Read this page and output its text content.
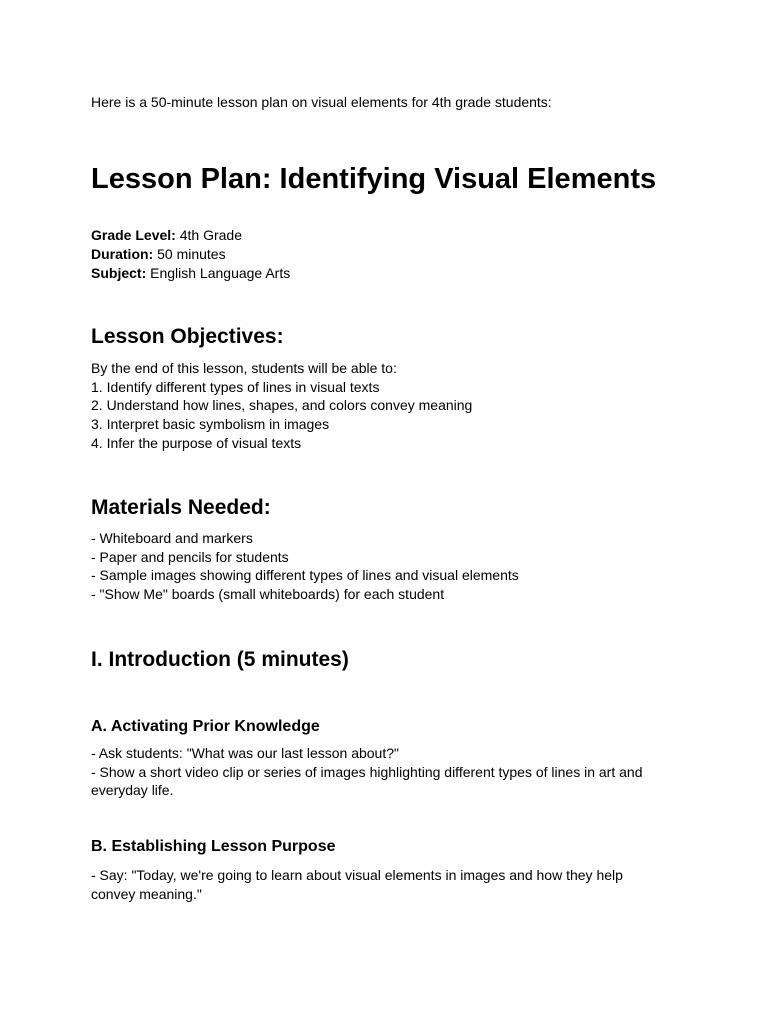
Here is a 50-minute lesson plan on visual elements for 4th grade students:

Lesson Plan: Identifying Visual Elements
Grade Level: 4th Grade
Duration: 50 minutes
Subject: English Language Arts
Lesson Objectives:
By the end of this lesson, students will be able to:
1. Identify different types of lines in visual texts
2. Understand how lines, shapes, and colors convey meaning
3. Interpret basic symbolism in images
4. Infer the purpose of visual texts
Materials Needed:
- Whiteboard and markers
- Paper and pencils for students
- Sample images showing different types of lines and visual elements
- "Show Me" boards (small whiteboards) for each student
I. Introduction (5 minutes)
A. Activating Prior Knowledge
- Ask students: "What was our last lesson about?"
- Show a short video clip or series of images highlighting different types of lines in art and everyday life.
B. Establishing Lesson Purpose
- Say: "Today, we're going to learn about visual elements in images and how they help convey meaning."
